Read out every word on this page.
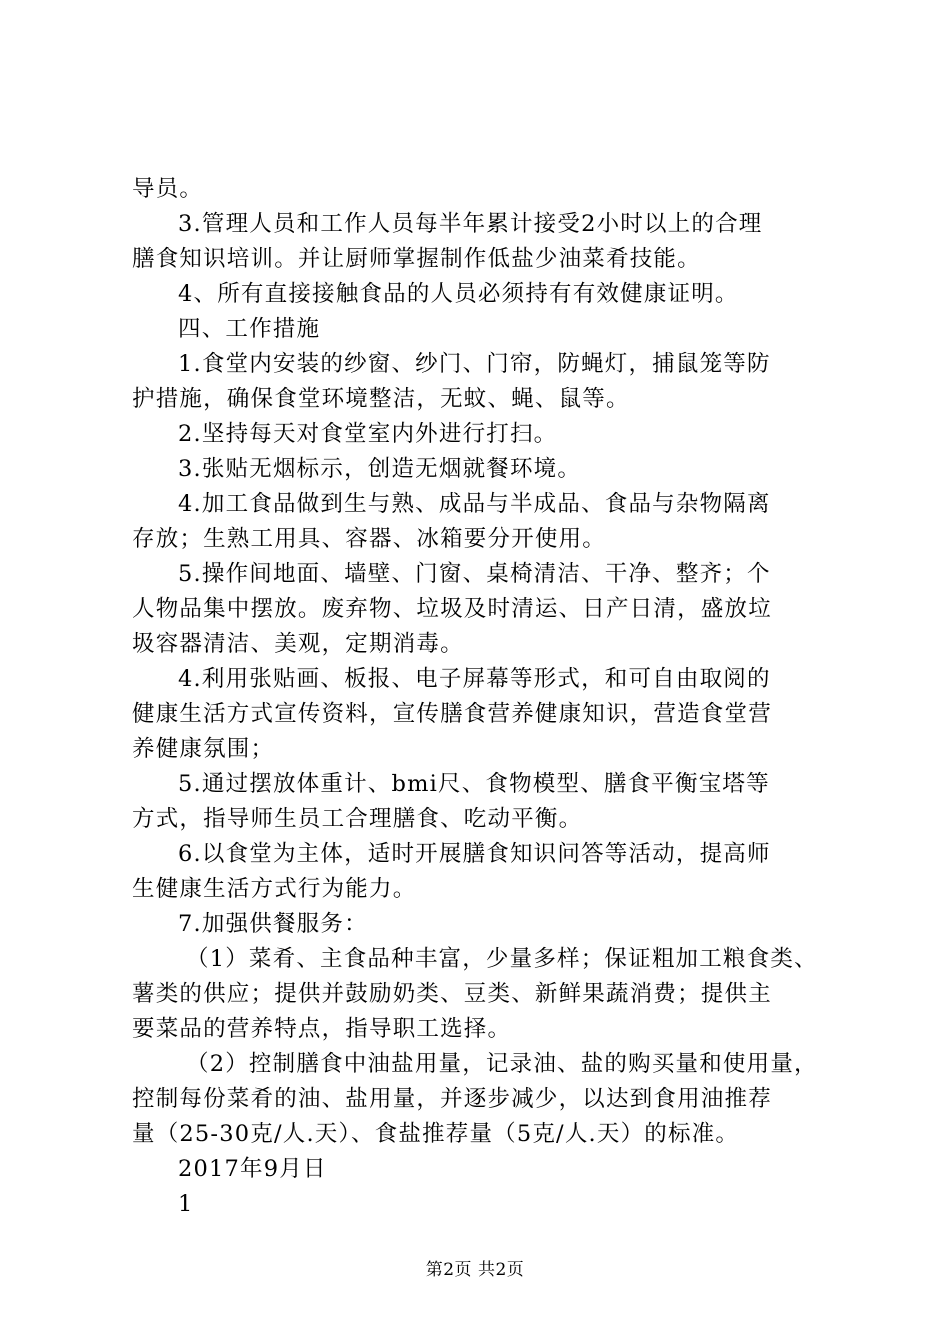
导员。
3.管理人员和工作人员每半年累计接受2小时以上的合理
膳食知识培训。并让厨师掌握制作低盐少油菜肴技能。
4、所有直接接触食品的人员必须持有有效健康证明。
四、工作措施
1.食堂内安装的纱窗、纱门、门帘，防蝇灯，捕鼠笼等防
护措施，确保食堂环境整洁，无蚊、蝇、鼠等。
2.坚持每天对食堂室内外进行打扫。
3.张贴无烟标示，创造无烟就餐环境。
4.加工食品做到生与熟、成品与半成品、食品与杂物隔离
存放；生熟工用具、容器、冰箱要分开使用。
5.操作间地面、墙壁、门窗、桌椅清洁、干净、整齐；个
人物品集中摆放。废弃物、垃圾及时清运、日产日清，盛放垃
圾容器清洁、美观，定期消毒。
4.利用张贴画、板报、电子屏幕等形式，和可自由取阅的
健康生活方式宣传资料，宣传膳食营养健康知识，营造食堂营
养健康氛围；
5.通过摆放体重计、bmi尺、食物模型、膳食平衡宝塔等
方式，指导师生员工合理膳食、吃动平衡。
6.以食堂为主体，适时开展膳食知识问答等活动，提高师
生健康生活方式行为能力。
7.加强供餐服务：
（1）菜肴、主食品种丰富，少量多样；保证粗加工粮食类、
薯类的供应；提供并鼓励奶类、豆类、新鲜果蔬消费；提供主
要菜品的营养特点，指导职工选择。
（2）控制膳食中油盐用量，记录油、盐的购买量和使用量，
控制每份菜肴的油、盐用量，并逐步减少，以达到食用油推荐
量（25-30克/人.天）、食盐推荐量（5克/人.天）的标准。
2017年9月日
1
第2页 共2页
